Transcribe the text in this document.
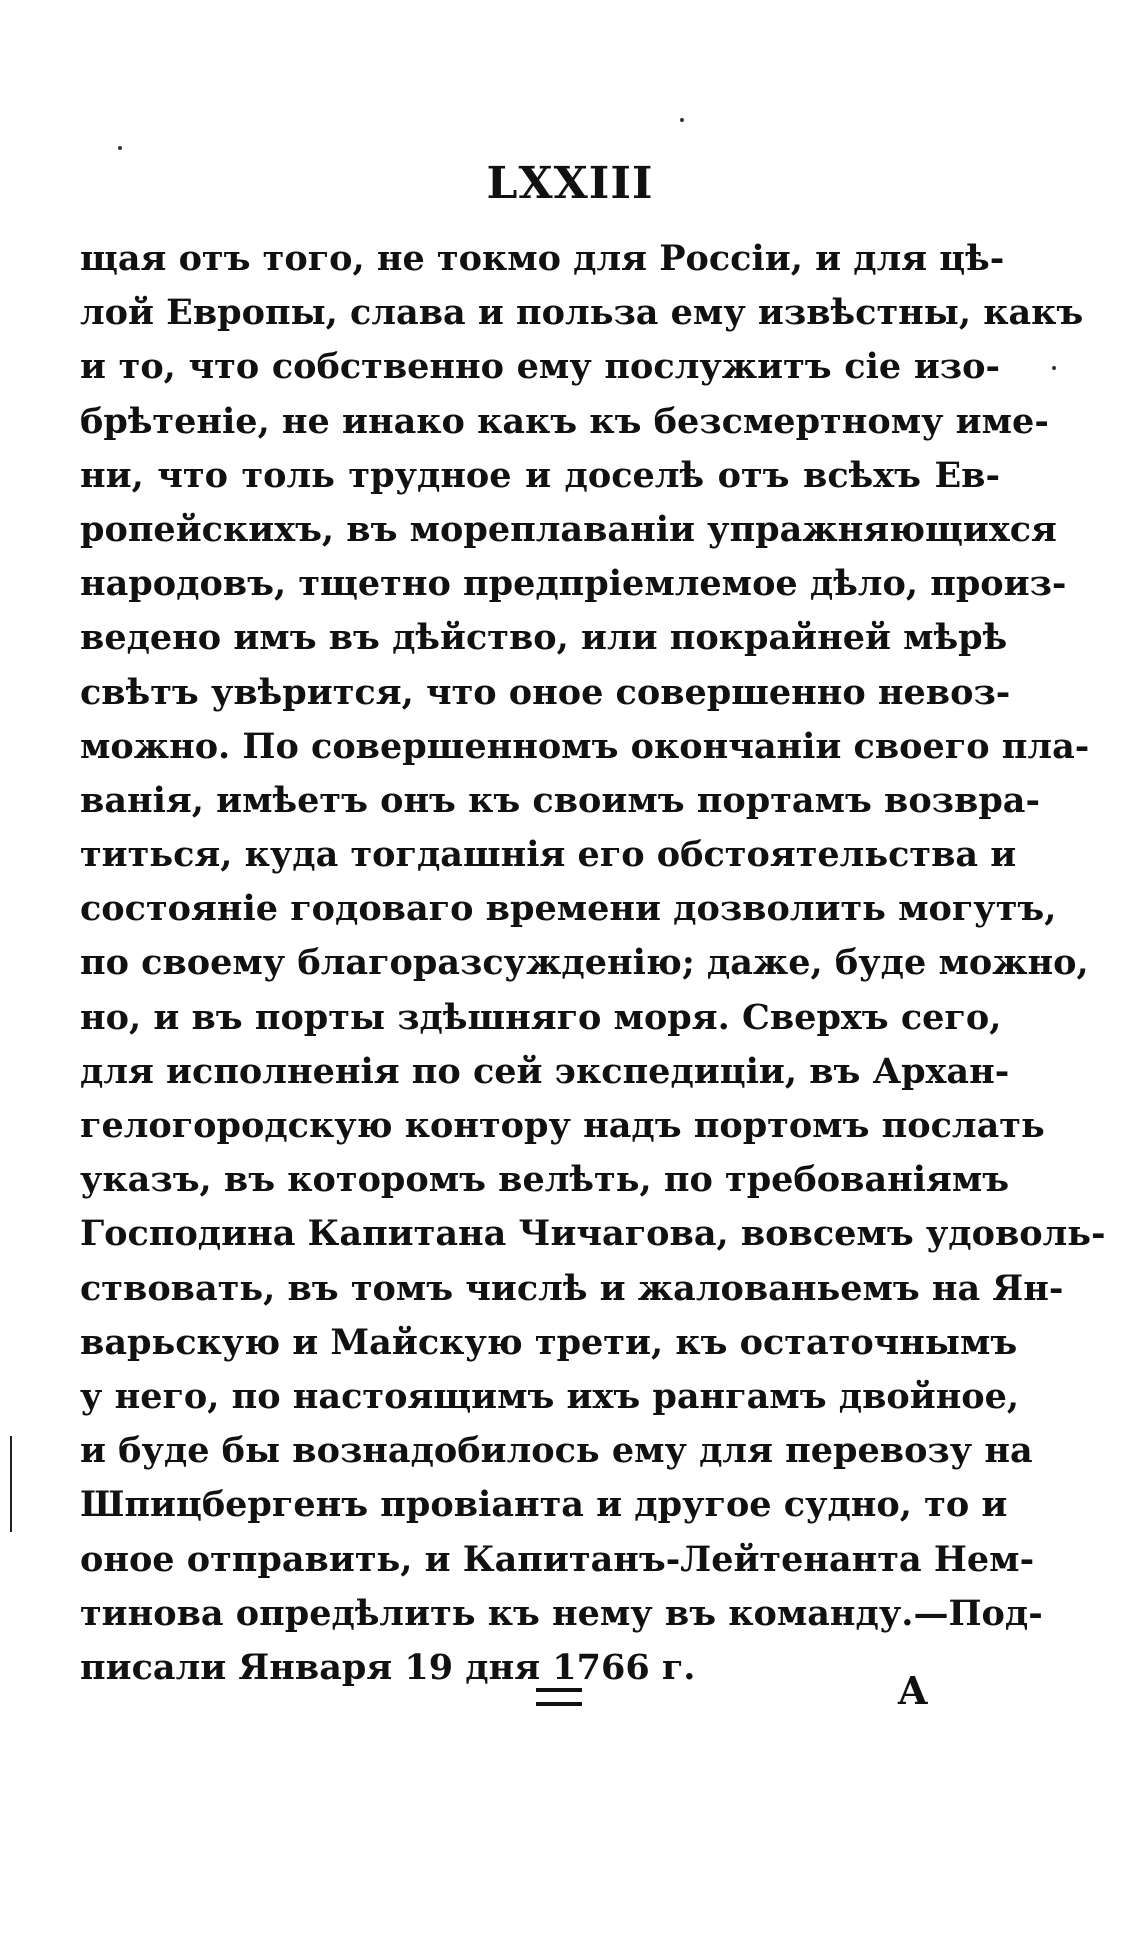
LXXIII
щая отъ того, не токмо для Россіи, и для цѣ-
лой Европы, слава и польза ему извѣстны, какъ
и то, что собственно ему послужитъ сіе изо-
брѣтеніе, не инако какъ къ безсмертному име-
ни, что толь трудное и доселѣ отъ всѣхъ Ев-
ропейскихъ, въ мореплаваніи упражняющихся
народовъ, тщетно предпріемлемое дѣло, произ-
ведено имъ въ дѣйство, или покрайней мѣрѣ
свѣтъ увѣрится, что оное совершенно невоз-
можно. По совершенномъ окончаніи своего пла-
ванія, имѣетъ онъ къ своимъ портамъ возвра-
титься, куда тогдашнія его обстоятельства и
состояніе годоваго времени дозволить могутъ,
по своему благоразсужденію; даже, буде можно,
но, и въ порты здѣшняго моря. Сверхъ сего,
для исполненія по сей экспедиціи, въ Архан-
гелогородскую контору надъ портомъ послать
указъ, въ которомъ велѣть, по требованіямъ
Господина Капитана Чичагова, вовсемъ удоволь-
ствовать, въ томъ числѣ и жалованьемъ на Ян-
варьскую и Майскую трети, къ остаточнымъ
у него, по настоящимъ ихъ рангамъ двойное,
и буде бы вознадобилось ему для перевозу на
Шпицбергенъ провіанта и другое судно, то и
оное отправить, и Капитанъ-Лейтенанта Нем-
тинова опредѣлить къ нему въ команду.—Под-
писали Января 19 дня 1766 г.
A
